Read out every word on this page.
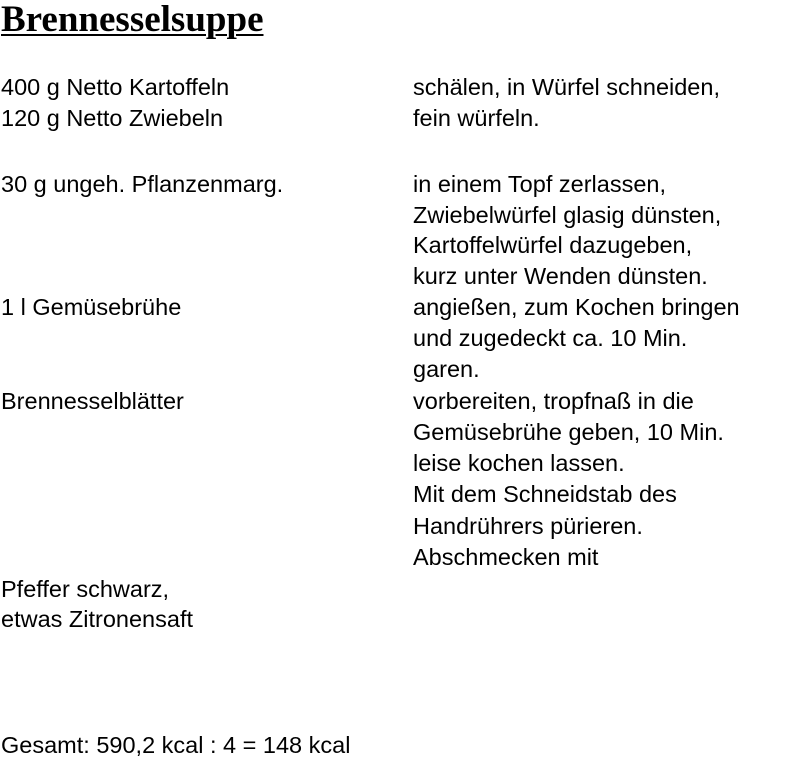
Brennesselsuppe

400 g Netto Kartoffeln

120 g Netto Zwiebeln

30 g ungeh. Pflanzenmarg.

1 l Gemüsebrühe

Brennesselblätter

Pfeffer schwarz,

etwas Zitronensaft

schälen, in Würfel schneiden,

fein würfeln.

in einem Topf zerlassen,

Zwiebelwürfel glasig dünsten,

Kartoffelwürfel dazugeben,

kurz unter Wenden dünsten.

angießen, zum Kochen bringen

und zugedeckt ca. 10 Min.

garen.

vorbereiten, tropfnaß in die

Gemüsebrühe geben, 10 Min.

leise kochen lassen.

Mit dem Schneidstab des

Handrührers pürieren.

Abschmecken mit

Gesamt: 590,2 kcal : 4 = 148 kcal
